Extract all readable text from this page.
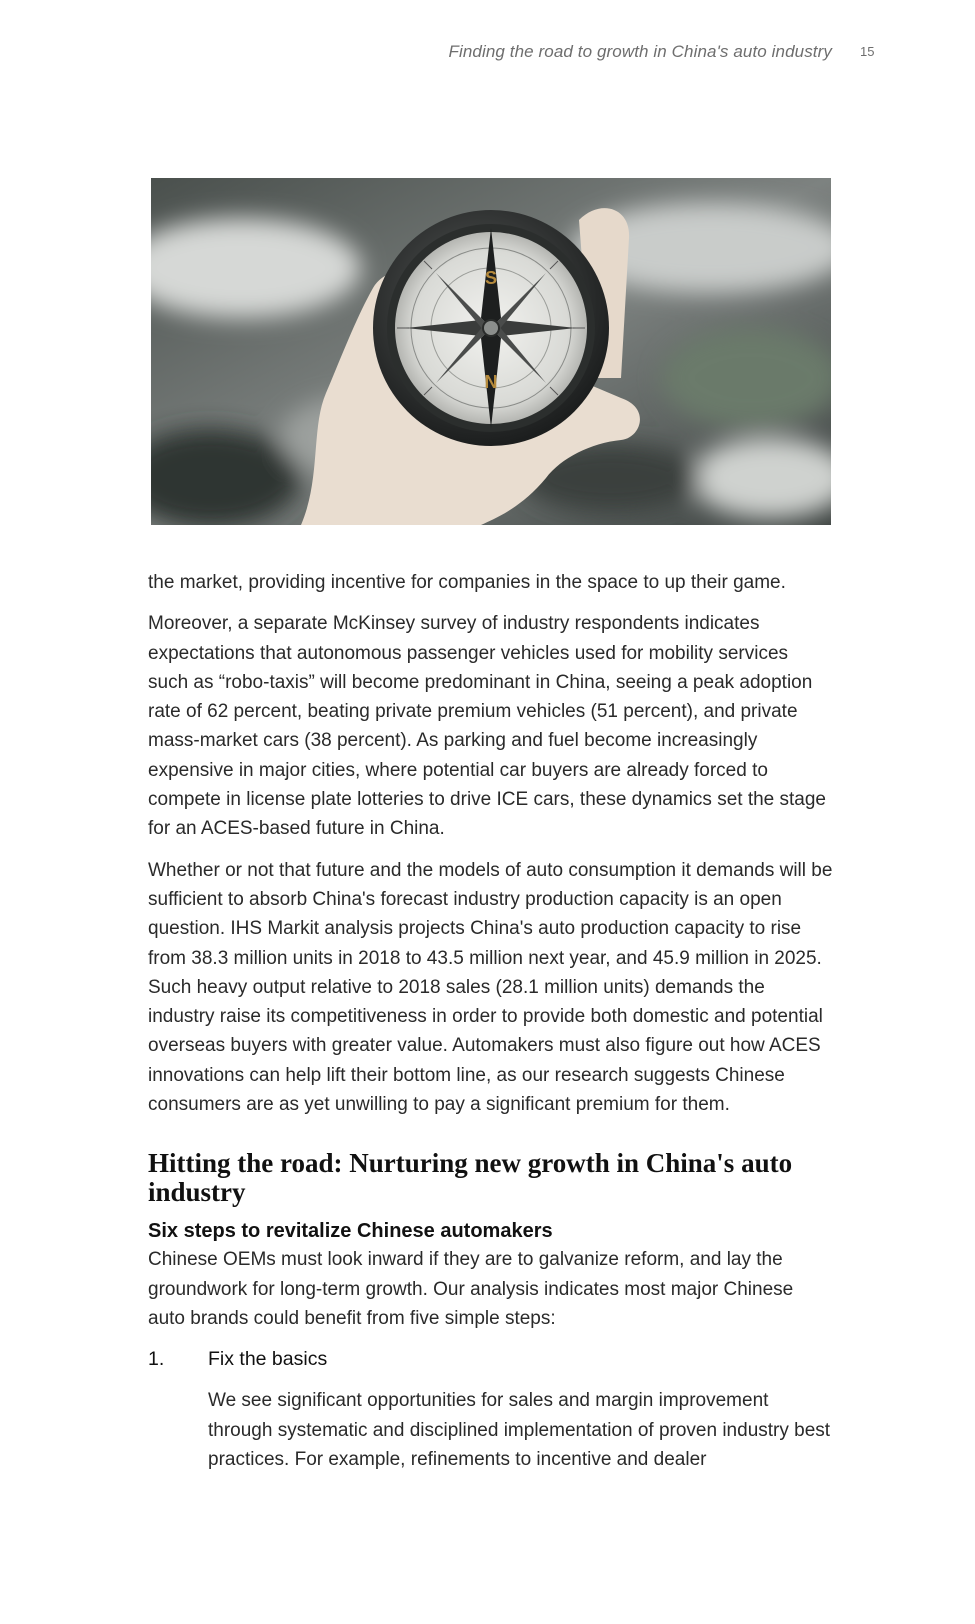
Finding the road to growth in China's auto industry 15
S
N

the market, providing incentive for companies in the space to up their game.

Moreover, a separate McKinsey survey of industry respondents indicates expectations that autonomous passenger vehicles used for mobility services such as “robo-taxis” will become predominant in China, seeing a peak adoption rate of 62 percent, beating private premium vehicles (51 percent), and private mass-market cars (38 percent). As parking and fuel become increasingly expensive in major cities, where potential car buyers are already forced to compete in license plate lotteries to drive ICE cars, these dynamics set the stage for an ACES-based future in China.

Whether or not that future and the models of auto consumption it demands will be sufficient to absorb China's forecast industry production capacity is an open question. IHS Markit analysis projects China's auto production capacity to rise from 38.3 million units in 2018 to 43.5 million next year, and 45.9 million in 2025. Such heavy output relative to 2018 sales (28.1 million units) demands the industry raise its competitiveness in order to provide both domestic and potential overseas buyers with greater value. Automakers must also figure out how ACES innovations can help lift their bottom line, as our research suggests Chinese consumers are as yet unwilling to pay a significant premium for them.

Hitting the road: Nurturing new growth in China's auto industry
Six steps to revitalize Chinese automakers

Chinese OEMs must look inward if they are to galvanize reform, and lay the groundwork for long-term growth. Our analysis indicates most major Chinese auto brands could benefit from five simple steps:

1.	Fix the basics

We see significant opportunities for sales and margin improvement through systematic and disciplined implementation of proven industry best practices. For example, refinements to incentive and dealer
